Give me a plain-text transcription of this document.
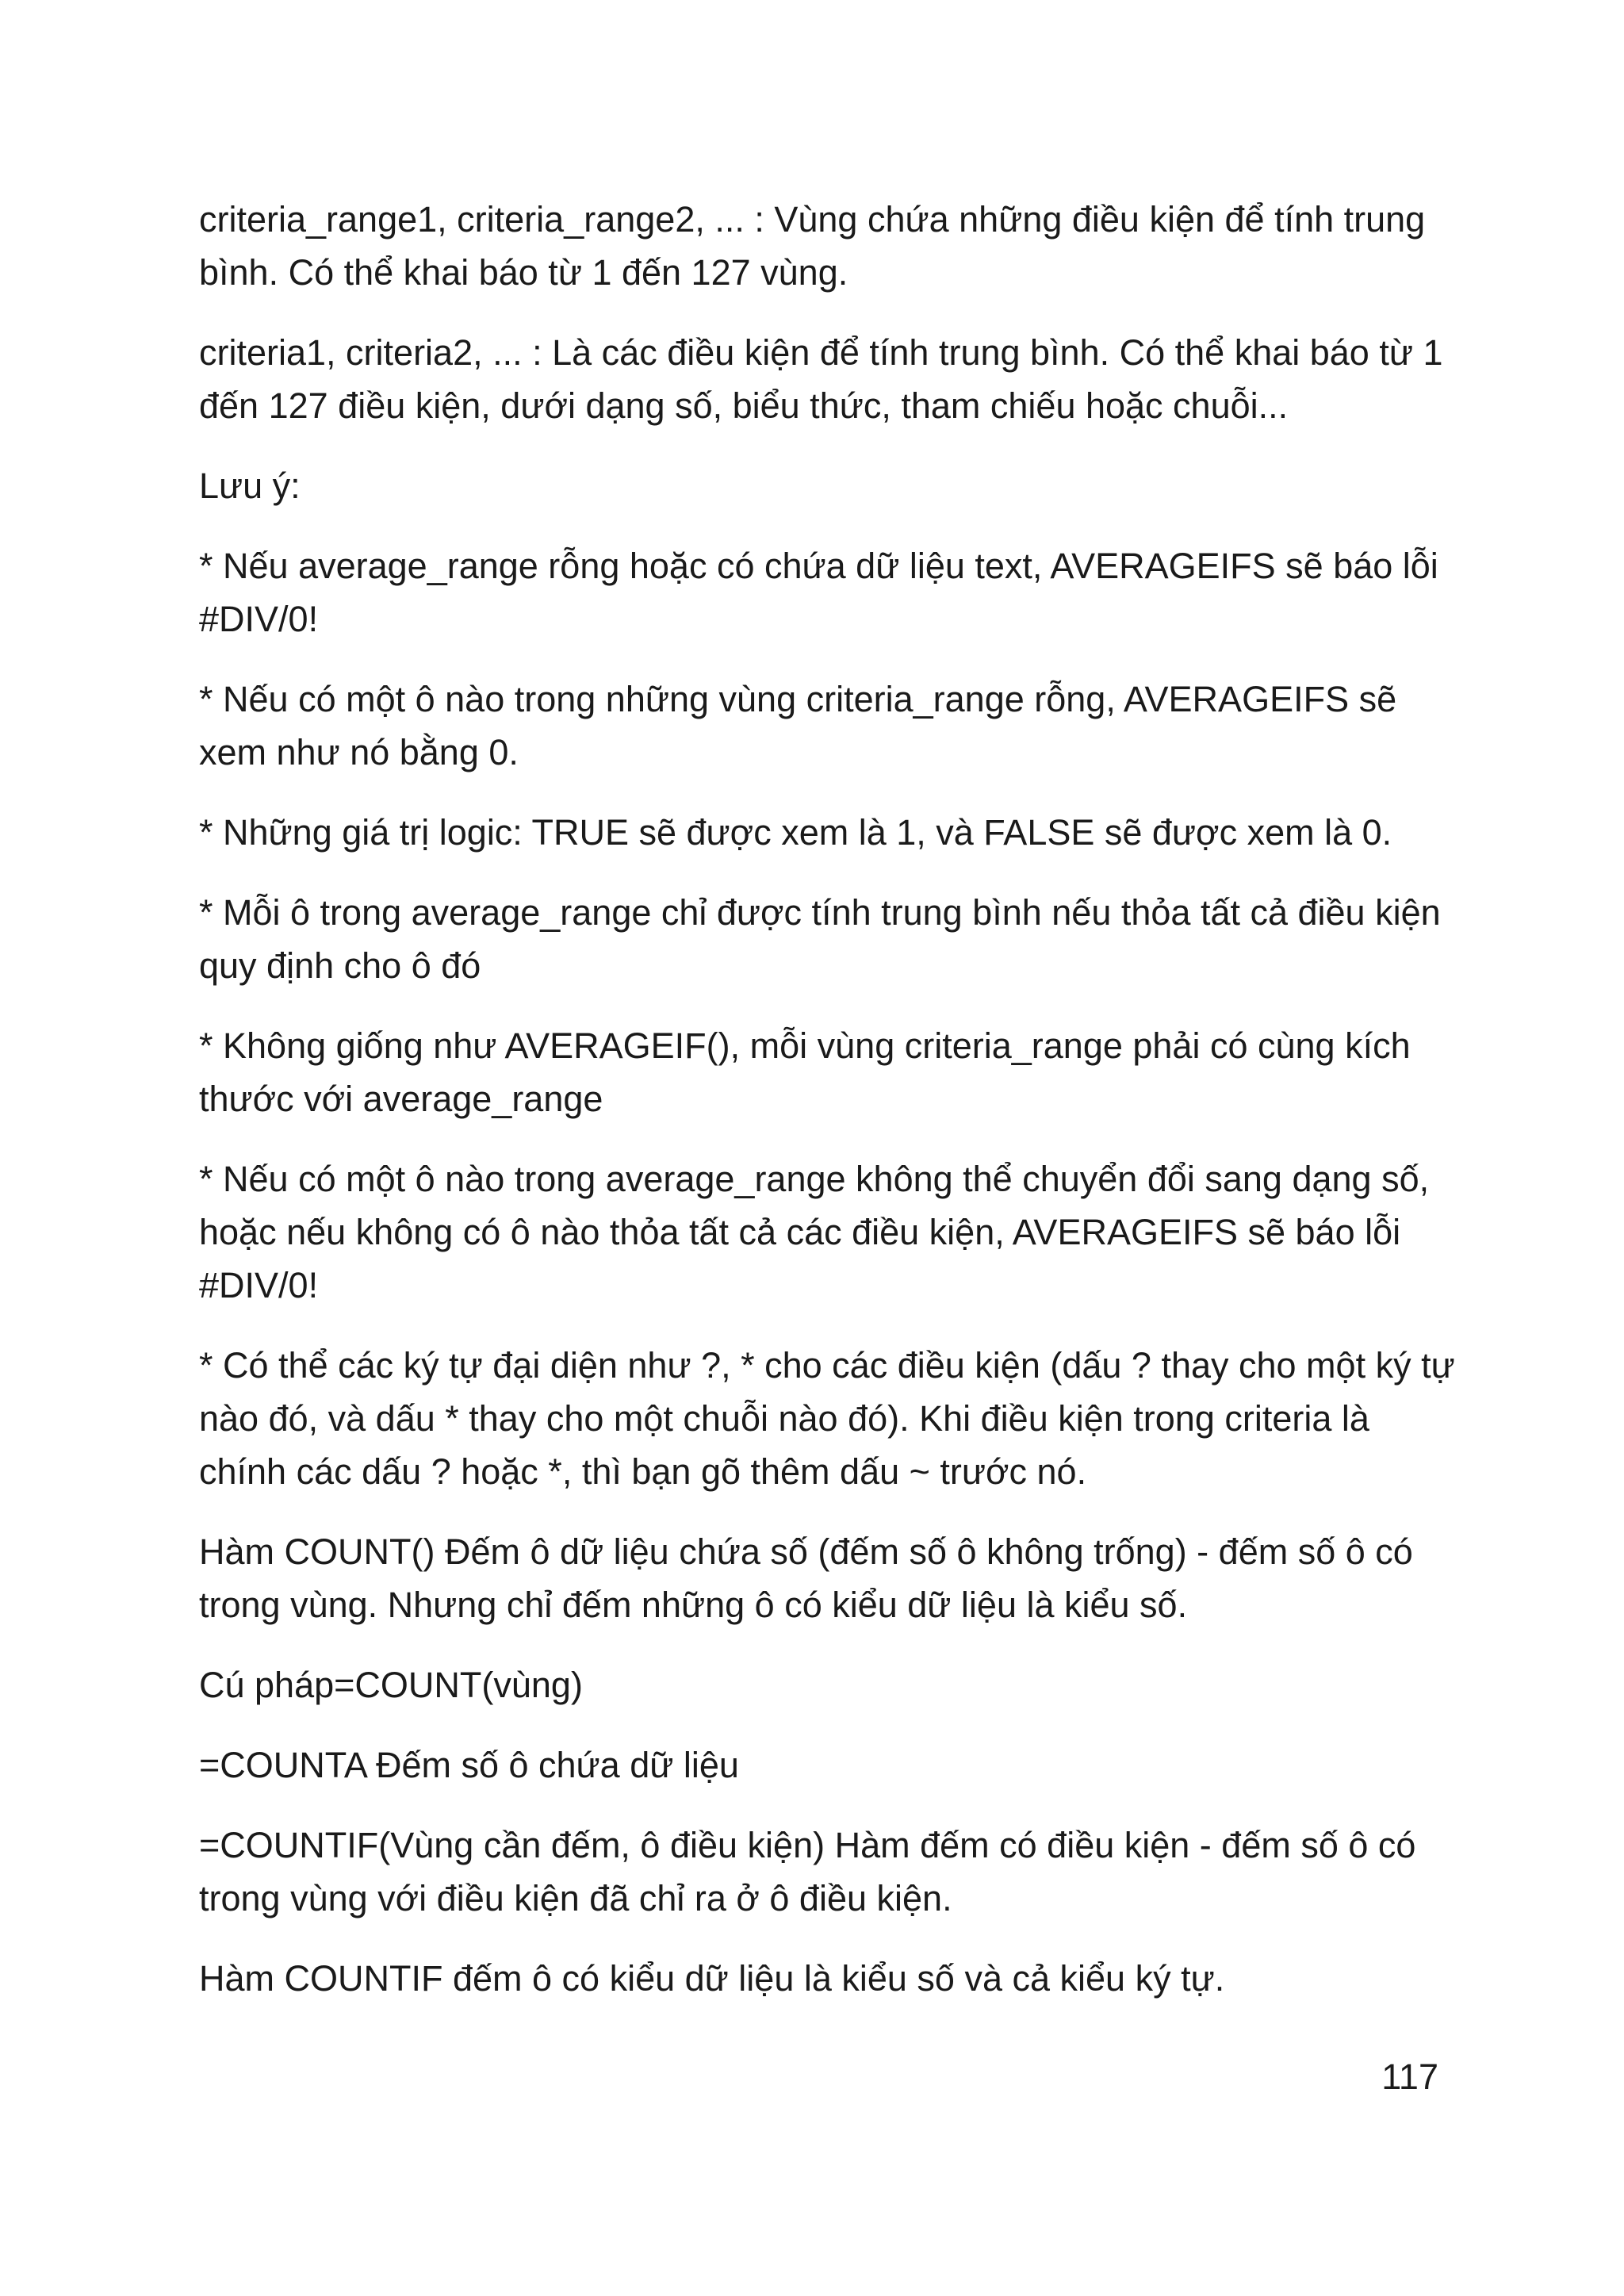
criteria_range1, criteria_range2, ... : Vùng chứa những điều kiện để tính trung bình. Có thể khai báo từ 1 đến 127 vùng.

criteria1, criteria2, ... : Là các điều kiện để tính trung bình. Có thể khai báo từ 1 đến 127 điều kiện, dưới dạng số, biểu thức, tham chiếu hoặc chuỗi...

Lưu ý:

* Nếu average_range rỗng hoặc có chứa dữ liệu text, AVERAGEIFS sẽ báo lỗi #DIV/0!

* Nếu có một ô nào trong những vùng criteria_range rỗng, AVERAGEIFS sẽ xem như nó bằng 0.

* Những giá trị logic: TRUE sẽ được xem là 1, và FALSE sẽ được xem là 0.

* Mỗi ô trong average_range chỉ được tính trung bình nếu thỏa tất cả điều kiện quy định cho ô đó

* Không giống như AVERAGEIF(), mỗi vùng criteria_range phải có cùng kích thước với average_range

* Nếu có một ô nào trong average_range không thể chuyển đổi sang dạng số, hoặc nếu không có ô nào thỏa tất cả các điều kiện, AVERAGEIFS sẽ báo lỗi #DIV/0!

* Có thể các ký tự đại diện như ?, * cho các điều kiện (dấu ? thay cho một ký tự nào đó, và dấu * thay cho một chuỗi nào đó). Khi điều kiện trong criteria là chính các dấu ? hoặc *, thì bạn gõ thêm dấu ~ trước nó.

Hàm COUNT() Đếm ô dữ liệu chứa số (đếm số ô không trống) - đếm số ô có trong vùng. Nhưng chỉ đếm những ô có kiểu dữ liệu là kiểu số.

Cú pháp=COUNT(vùng)

=COUNTA Đếm số ô chứa dữ liệu

=COUNTIF(Vùng cần đếm, ô điều kiện) Hàm đếm có điều kiện - đếm số ô có trong vùng với điều kiện đã chỉ ra ở ô điều kiện.

Hàm COUNTIF đếm ô có kiểu dữ liệu là kiểu số và cả kiểu ký tự.

117
